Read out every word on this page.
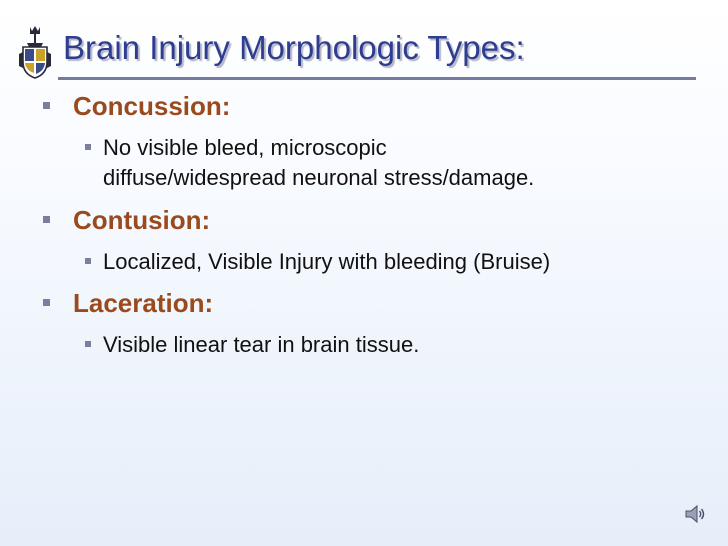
Brain Injury Morphologic Types:
Concussion:
No visible bleed, microscopic
diffuse/widespread neuronal stress/damage.
Contusion:
Localized, Visible Injury with bleeding (Bruise)
Laceration:
Visible linear tear in brain tissue.
